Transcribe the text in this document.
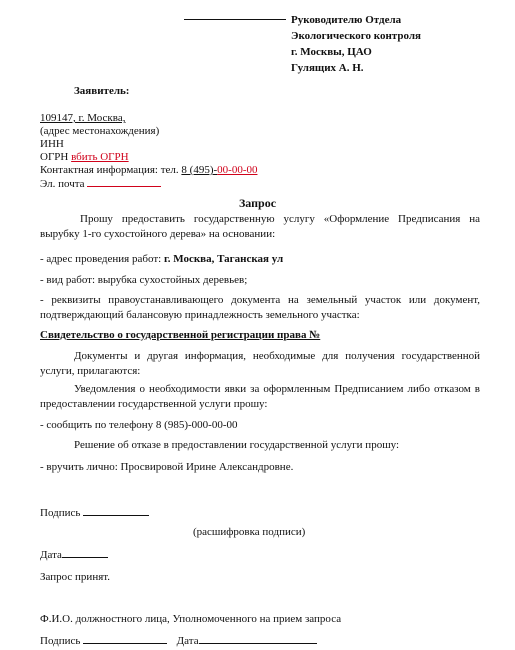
Руководителю Отдела
Экологического контроля
г. Москвы, ЦАО
Гулящих А. Н.
Заявитель:
109147, г. Москва,
(адрес местонахождения)
ИНН
ОГРН вбить ОГРН
Контактная информация: тел. 8 (495)-00-00-00
Эл. почта
Запрос
Прошу предоставить государственную услугу «Оформление Предписания на вырубку 1-го сухостойного дерева» на основании:
- адрес проведения работ: г. Москва, Таганская ул
- вид работ: вырубка сухостойных деревьев;
- реквизиты правоустанавливающего документа на земельный участок или документ, подтверждающий балансовую принадлежность земельного участка:
Свидетельство о государственной регистрации права №
Документы и другая информация, необходимые для получения государственной услуги, прилагаются:
Уведомления о необходимости явки за оформленным Предписанием либо отказом в предоставлении государственной услуги прошу:
- сообщить по телефону 8 (985)-000-00-00
Решение об отказе в предоставлении государственной услуги прошу:
- вручить лично: Просвировой Ирине Александровне.
Подпись
(расшифровка подписи)
Дата
Запрос принят.
Ф.И.О. должностного лица, Уполномоченного на прием запроса
Подпись	Дата
